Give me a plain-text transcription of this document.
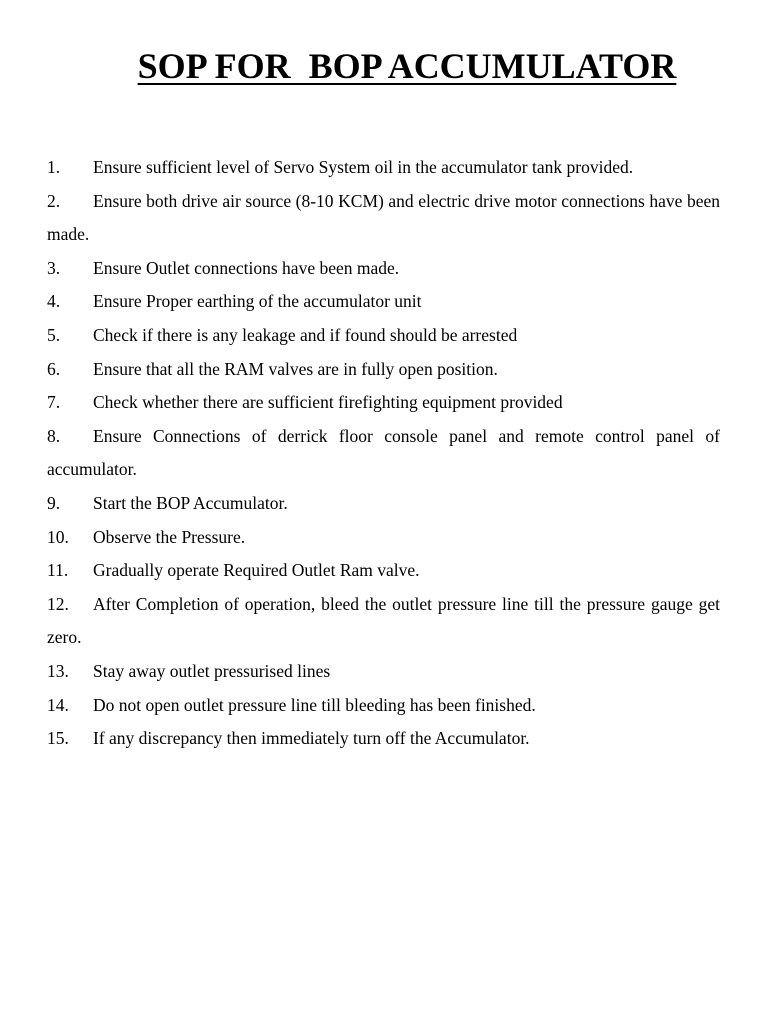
SOP FOR  BOP ACCUMULATOR

1. Ensure sufficient level of Servo System oil in the accumulator tank provided.

2. Ensure both drive air source (8-10 KCM) and electric drive motor connections have been made.

3. Ensure Outlet connections have been made.

4. Ensure Proper earthing of the accumulator unit

5. Check if there is any leakage and if found should be arrested

6. Ensure that all the RAM valves are in fully open position.

7. Check whether there are sufficient firefighting equipment provided

8. Ensure Connections of derrick floor console panel and remote control panel of accumulator.

9. Start the BOP Accumulator.

10. Observe the Pressure.

11. Gradually operate Required Outlet Ram valve.

12. After Completion of operation, bleed the outlet pressure line till the pressure gauge get zero.

13. Stay away outlet pressurised lines

14. Do not open outlet pressure line till bleeding has been finished.

15. If any discrepancy then immediately turn off the Accumulator.
